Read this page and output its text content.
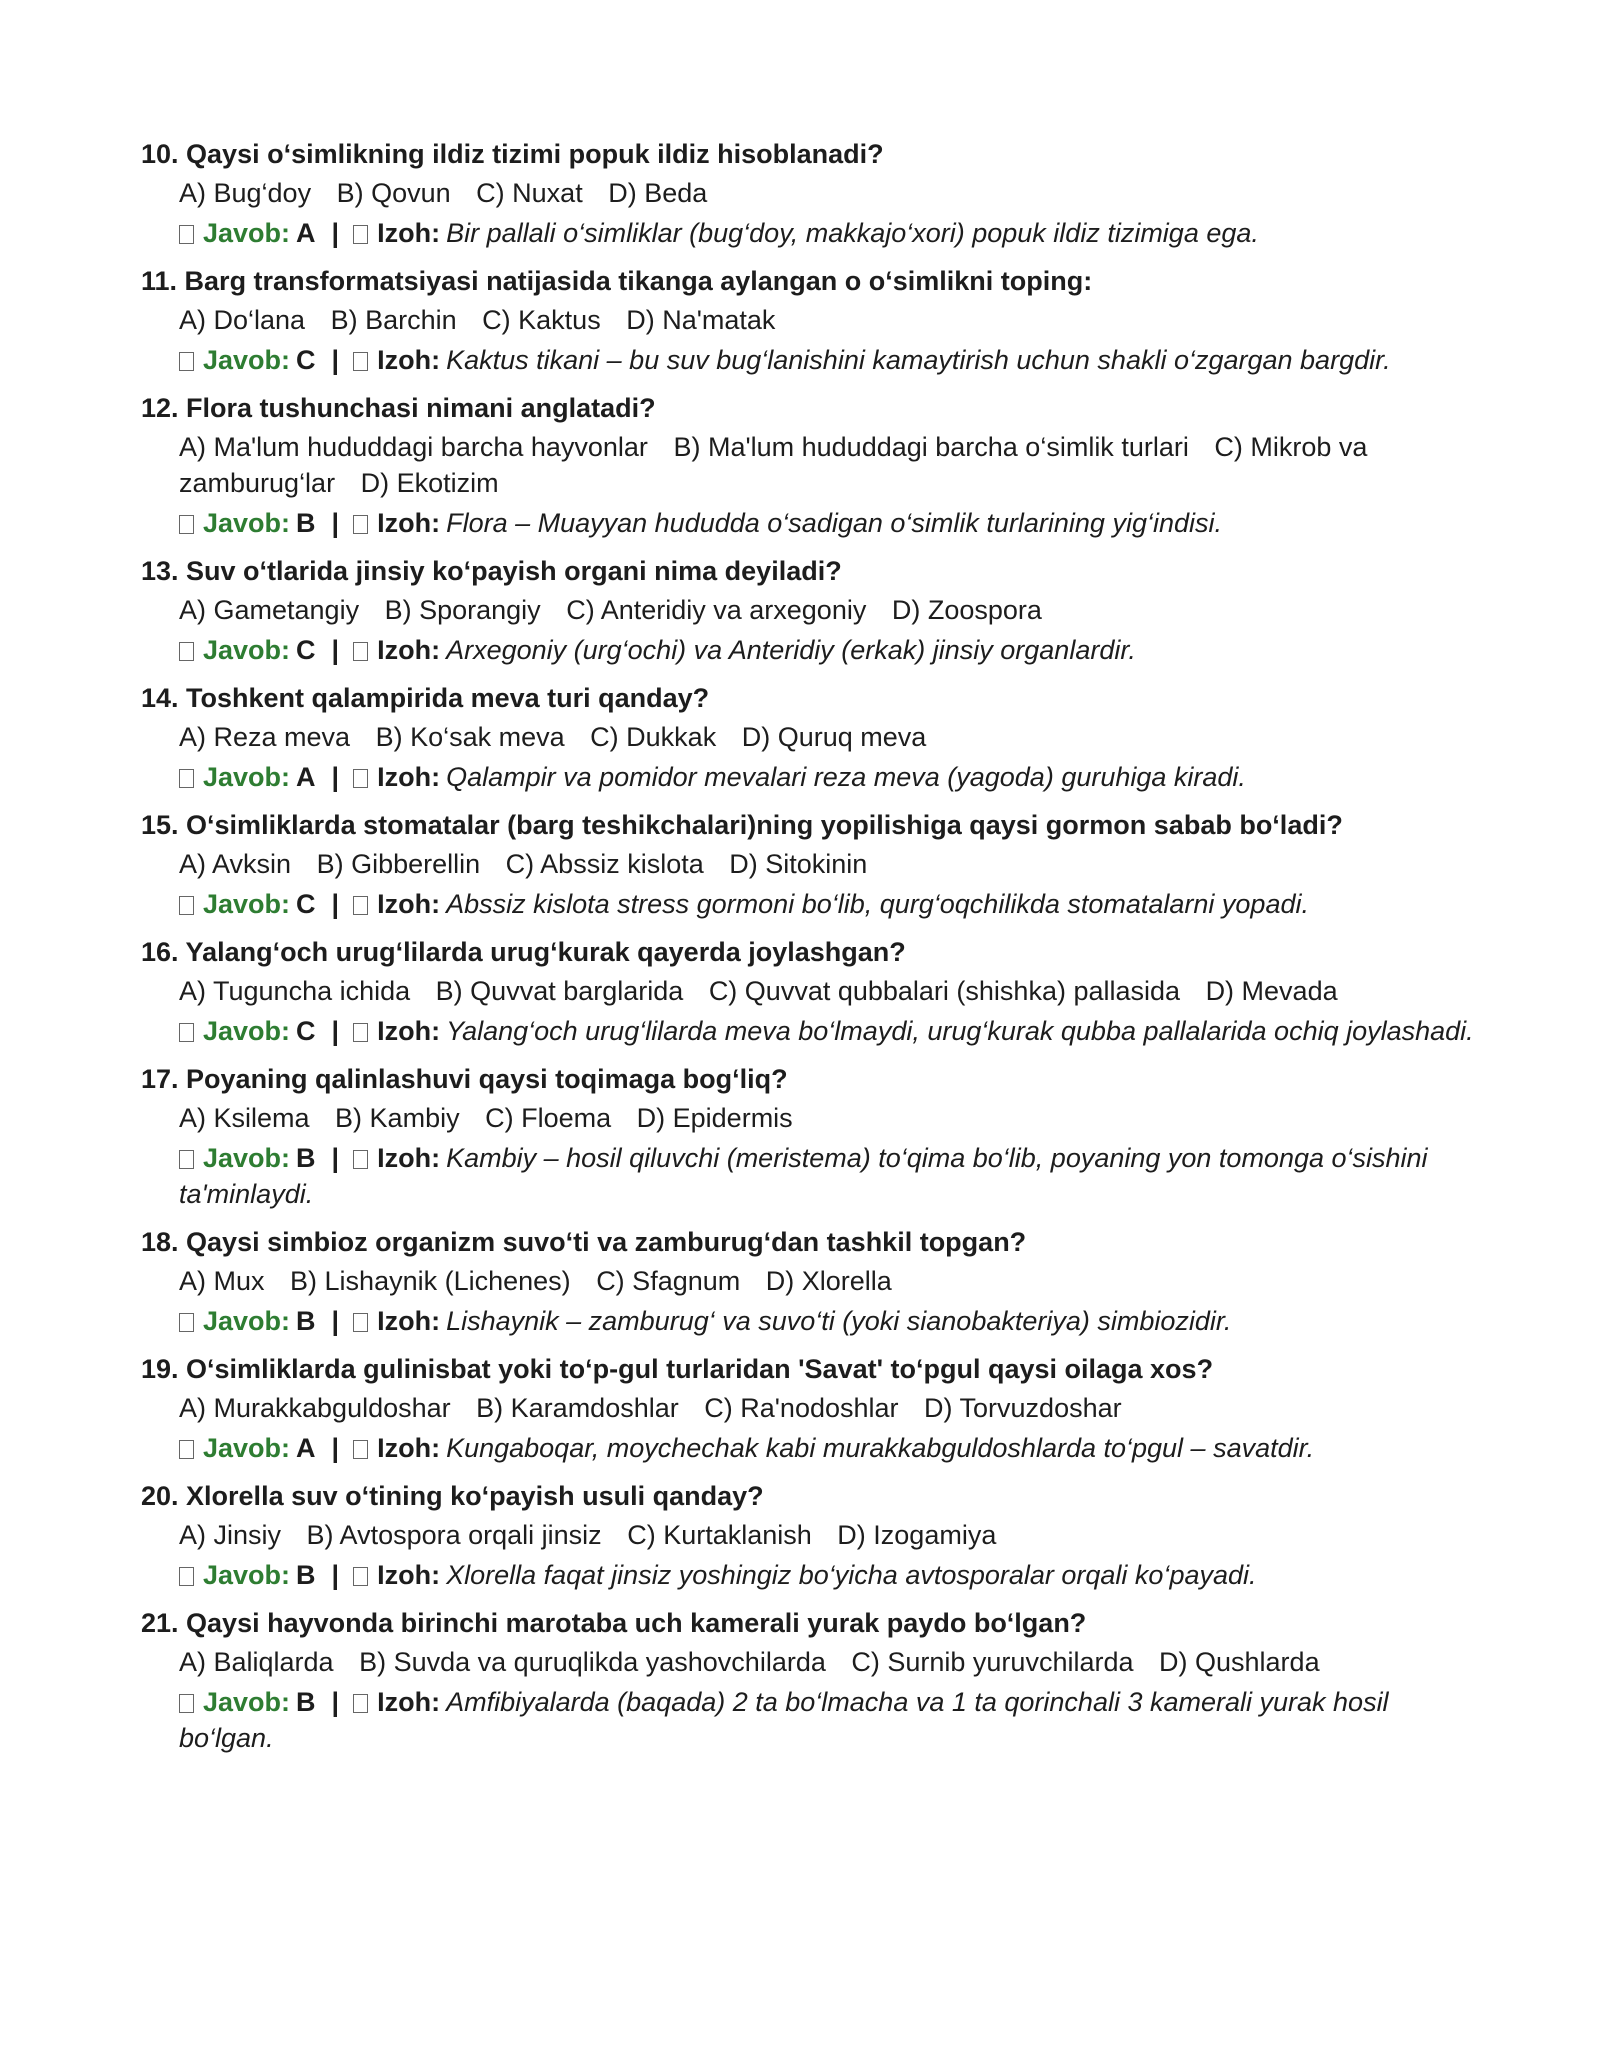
10. Qaysi o‘simlikning ildiz tizimi popuk ildiz hisoblanadi?
A) Bug‘doy B) Qovun C) Nuxat D) Beda
Javob: A | Izoh: Bir pallali o‘simliklar (bug‘doy, makkajo‘xori) popuk ildiz tizimiga ega.
11. Barg transformatsiyasi natijasida tikanga aylangan o o‘simlikni toping:
A) Do‘lana B) Barchin C) Kaktus D) Na'matak
Javob: C | Izoh: Kaktus tikani – bu suv bug‘lanishini kamaytirish uchun shakli o‘zgargan bargdir.
12. Flora tushunchasi nimani anglatadi?
A) Ma'lum hududdagi barcha hayvonlar B) Ma'lum hududdagi barcha o‘simlik turlari C) Mikrob va zamburug‘lar D) Ekotizim
Javob: B | Izoh: Flora – Muayyan hududda o‘sadigan o‘simlik turlarining yig‘indisi.
13. Suv o‘tlarida jinsiy ko‘payish organi nima deyiladi?
A) Gametangiy B) Sporangiy C) Anteridiy va arxegoniy D) Zoospora
Javob: C | Izoh: Arxegoniy (urg‘ochi) va Anteridiy (erkak) jinsiy organlardir.
14. Toshkent qalampirida meva turi qanday?
A) Reza meva B) Ko‘sak meva C) Dukkak D) Quruq meva
Javob: A | Izoh: Qalampir va pomidor mevalari reza meva (yagoda) guruhiga kiradi.
15. O‘simliklarda stomatalar (barg teshikchalari)ning yopilishiga qaysi gormon sabab bo‘ladi?
A) Avksin B) Gibberellin C) Abssiz kislota D) Sitokinin
Javob: C | Izoh: Abssiz kislota stress gormoni bo‘lib, qurg‘oqchilikda stomatalarni yopadi.
16. Yalang‘och urug‘lilarda urug‘kurak qayerda joylashgan?
A) Tuguncha ichida B) Quvvat barglarida C) Quvvat qubbalari (shishka) pallasida D) Mevada
Javob: C | Izoh: Yalang‘och urug‘lilarda meva bo‘lmaydi, urug‘kurak qubba pallalarida ochiq joylashadi.
17. Poyaning qalinlashuvi qaysi toqimaga bog‘liq?
A) Ksilema B) Kambiy C) Floema D) Epidermis
Javob: B | Izoh: Kambiy – hosil qiluvchi (meristema) to‘qima bo‘lib, poyaning yon tomonga o‘sishini ta'minlaydi.
18. Qaysi simbioz organizm suvo‘ti va zamburug‘dan tashkil topgan?
A) Mux B) Lishaynik (Lichenes) C) Sfagnum D) Xlorella
Javob: B | Izoh: Lishaynik – zamburug‘ va suvo‘ti (yoki sianobakteriya) simbiozidir.
19. O‘simliklarda gulinisbat yoki to‘p-gul turlaridan 'Savat' to‘pgul qaysi oilaga xos?
A) Murakkabguldoshar B) Karamdoshlar C) Ra'nodoshlar D) Torvuzdoshar
Javob: A | Izoh: Kungaboqar, moychechak kabi murakkabguldoshlarda to‘pgul – savatdir.
20. Xlorella suv o‘tining ko‘payish usuli qanday?
A) Jinsiy B) Avtospora orqali jinsiz C) Kurtaklanish D) Izogamiya
Javob: B | Izoh: Xlorella faqat jinsiz yoshingiz bo‘yicha avtosporalar orqali ko‘payadi.
21. Qaysi hayvonda birinchi marotaba uch kamerali yurak paydo bo‘lgan?
A) Baliqlarda B) Suvda va quruqlikda yashovchilarda C) Surnib yuruvchilarda D) Qushlarda
Javob: B | Izoh: Amfibiyalarda (baqada) 2 ta bo‘lmacha va 1 ta qorinchali 3 kamerali yurak hosil bo‘lgan.
